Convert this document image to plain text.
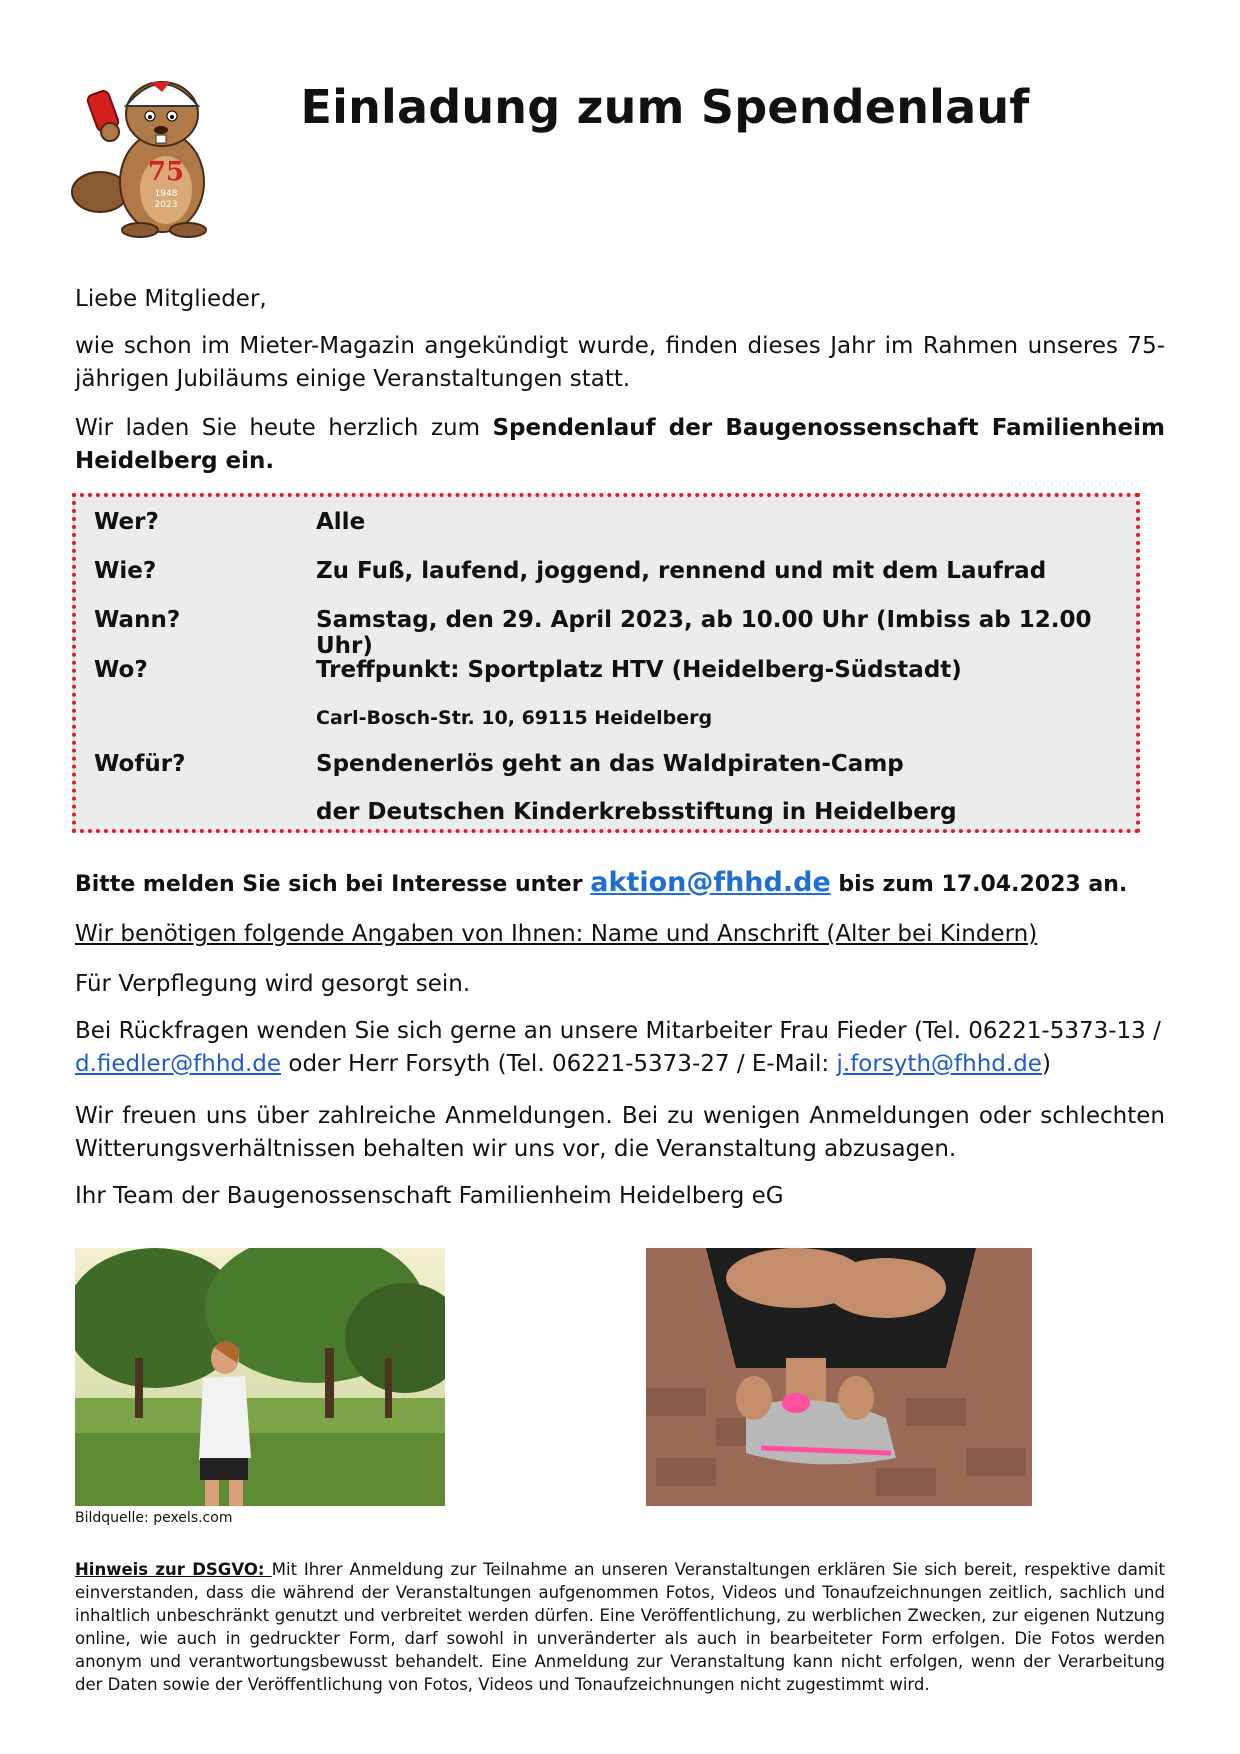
75
1948
2023
Einladung zum Spendenlauf
Liebe Mitglieder,
wie schon im Mieter-Magazin angekündigt wurde, finden dieses Jahr im Rahmen unseres 75-jährigen Jubiläums einige Veranstaltungen statt.
Wir laden Sie heute herzlich zum Spendenlauf der Baugenossenschaft Familienheim Heidelberg ein.
Wer?	Alle
Wie?	Zu Fuß, laufend, joggend, rennend und mit dem Laufrad
Wann?	Samstag, den 29. April 2023, ab 10.00 Uhr (Imbiss ab 12.00 Uhr)
Wo?	Treffpunkt: Sportplatz HTV (Heidelberg-Südstadt)
Carl-Bosch-Str. 10, 69115 Heidelberg
Wofür?	Spendenerlös geht an das Waldpiraten-Camp
der Deutschen Kinderkrebsstiftung in Heidelberg
Bitte melden Sie sich bei Interesse unter aktion@fhhd.de bis zum 17.04.2023 an.
Wir benötigen folgende Angaben von Ihnen: Name und Anschrift (Alter bei Kindern)
Für Verpflegung wird gesorgt sein.
Bei Rückfragen wenden Sie sich gerne an unsere Mitarbeiter Frau Fieder (Tel. 06221-5373-13 / d.fiedler@fhhd.de oder Herr Forsyth (Tel. 06221-5373-27 / E-Mail: j.forsyth@fhhd.de)
Wir freuen uns über zahlreiche Anmeldungen. Bei zu wenigen Anmeldungen oder schlechten Witterungsverhältnissen behalten wir uns vor, die Veranstaltung abzusagen.
Ihr Team der Baugenossenschaft Familienheim Heidelberg eG
Bildquelle: pexels.com
Hinweis zur DSGVO: Mit Ihrer Anmeldung zur Teilnahme an unseren Veranstaltungen erklären Sie sich bereit, respektive damit einverstanden, dass die während der Veranstaltungen aufgenommen Fotos, Videos und Tonaufzeichnungen zeitlich, sachlich und inhaltlich unbeschränkt genutzt und verbreitet werden dürfen. Eine Veröffentlichung, zu werblichen Zwecken, zur eigenen Nutzung online, wie auch in gedruckter Form, darf sowohl in unveränderter als auch in bearbeiteter Form erfolgen. Die Fotos werden anonym und verantwortungsbewusst behandelt. Eine Anmeldung zur Veranstaltung kann nicht erfolgen, wenn der Verarbeitung der Daten sowie der Veröffentlichung von Fotos, Videos und Tonaufzeichnungen nicht zugestimmt wird.
